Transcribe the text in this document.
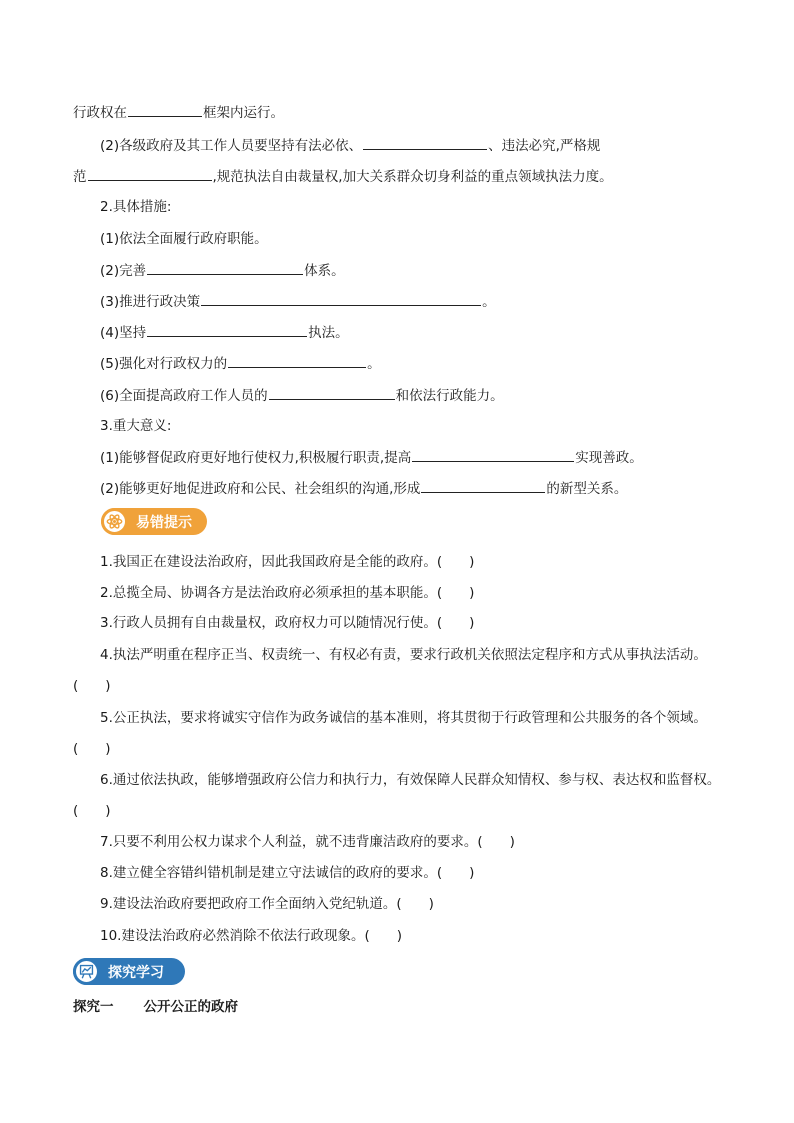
行政权在	框架内运行。
(2)各级政府及其工作人员要坚持有法必依、	、违法必究,严格规
范	,规范执法自由裁量权,加大关系群众切身利益的重点领域执法力度。
2.具体措施:
(1)依法全面履行政府职能。
(2)完善	体系。
(3)推进行政决策	。
(4)坚持	执法。
(5)强化对行政权力的	。
(6)全面提高政府工作人员的	和依法行政能力。
3.重大意义:
(1)能够督促政府更好地行使权力,积极履行职责,提高	实现善政。
(2)能够更好地促进政府和公民、社会组织的沟通,形成	的新型关系。
易错提示
1.我国正在建设法治政府，因此我国政府是全能的政府。(　　)
2.总揽全局、协调各方是法治政府必须承担的基本职能。(　　)
3.行政人员拥有自由裁量权，政府权力可以随情况行使。(　　)
4.执法严明重在程序正当、权责统一、有权必有责，要求行政机关依照法定程序和方式从事执法活动。
(　　)
5.公正执法，要求将诚实守信作为政务诚信的基本准则，将其贯彻于行政管理和公共服务的各个领域。
(　　)
6.通过依法执政，能够增强政府公信力和执行力，有效保障人民群众知情权、参与权、表达权和监督权。
(　　)
7.只要不利用公权力谋求个人利益，就不违背廉洁政府的要求。(　　)
8.建立健全容错纠错机制是建立守法诚信的政府的要求。(　　)
9.建设法治政府要把政府工作全面纳入党纪轨道。(　　)
10.建设法治政府必然消除不依法行政现象。(　　)
探究学习
探究一 公开公正的政府
